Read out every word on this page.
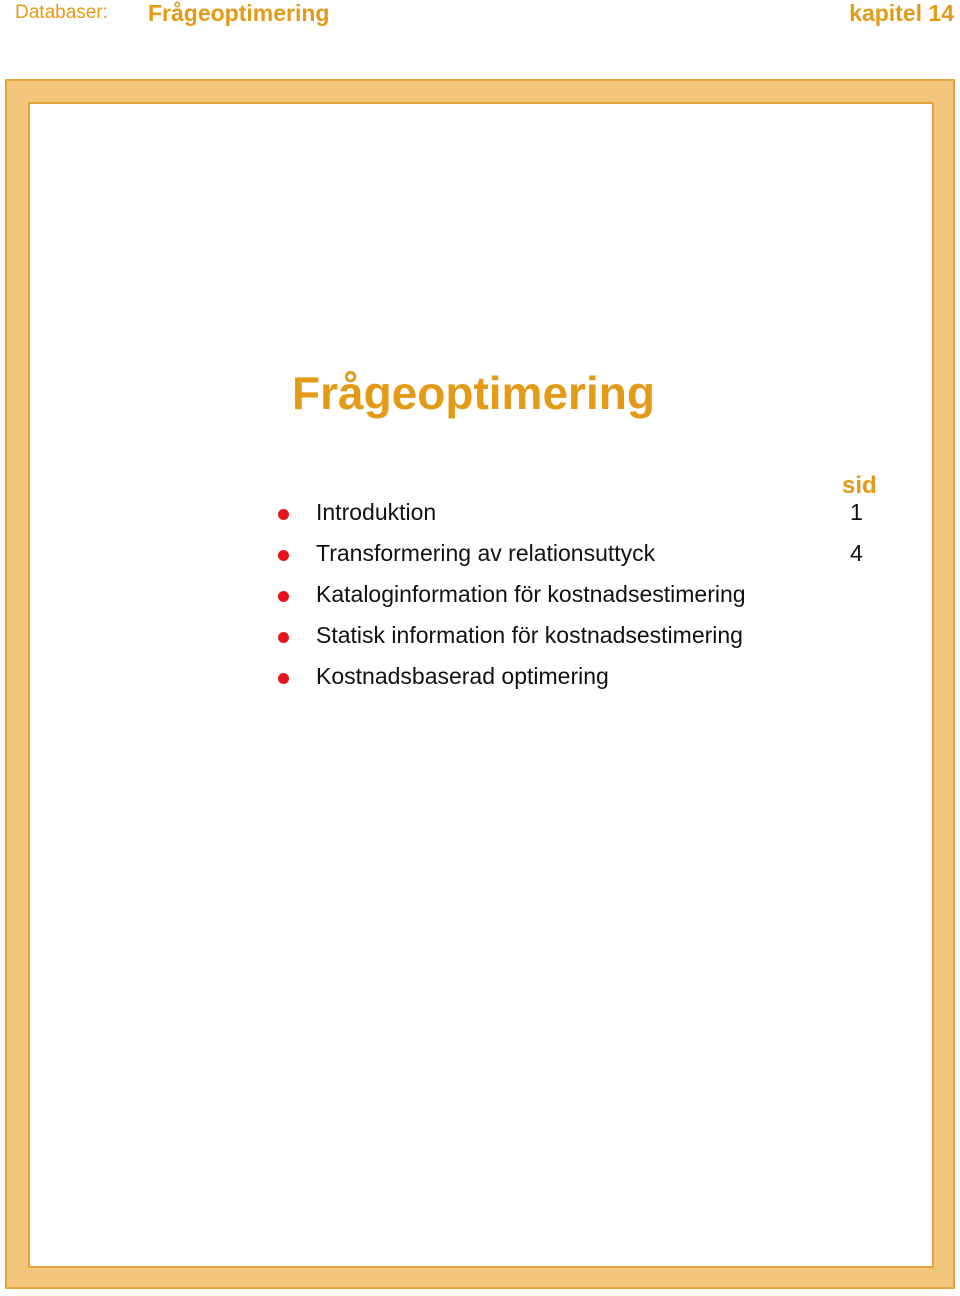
Databaser: Frågeoptimering	kapitel 14
Frågeoptimering
sid
Introduktion	1
Transformering av relationsuttyck	4
Kataloginformation för kostnadsestimering
Statisk information för kostnadsestimering
Kostnadsbaserad optimering
